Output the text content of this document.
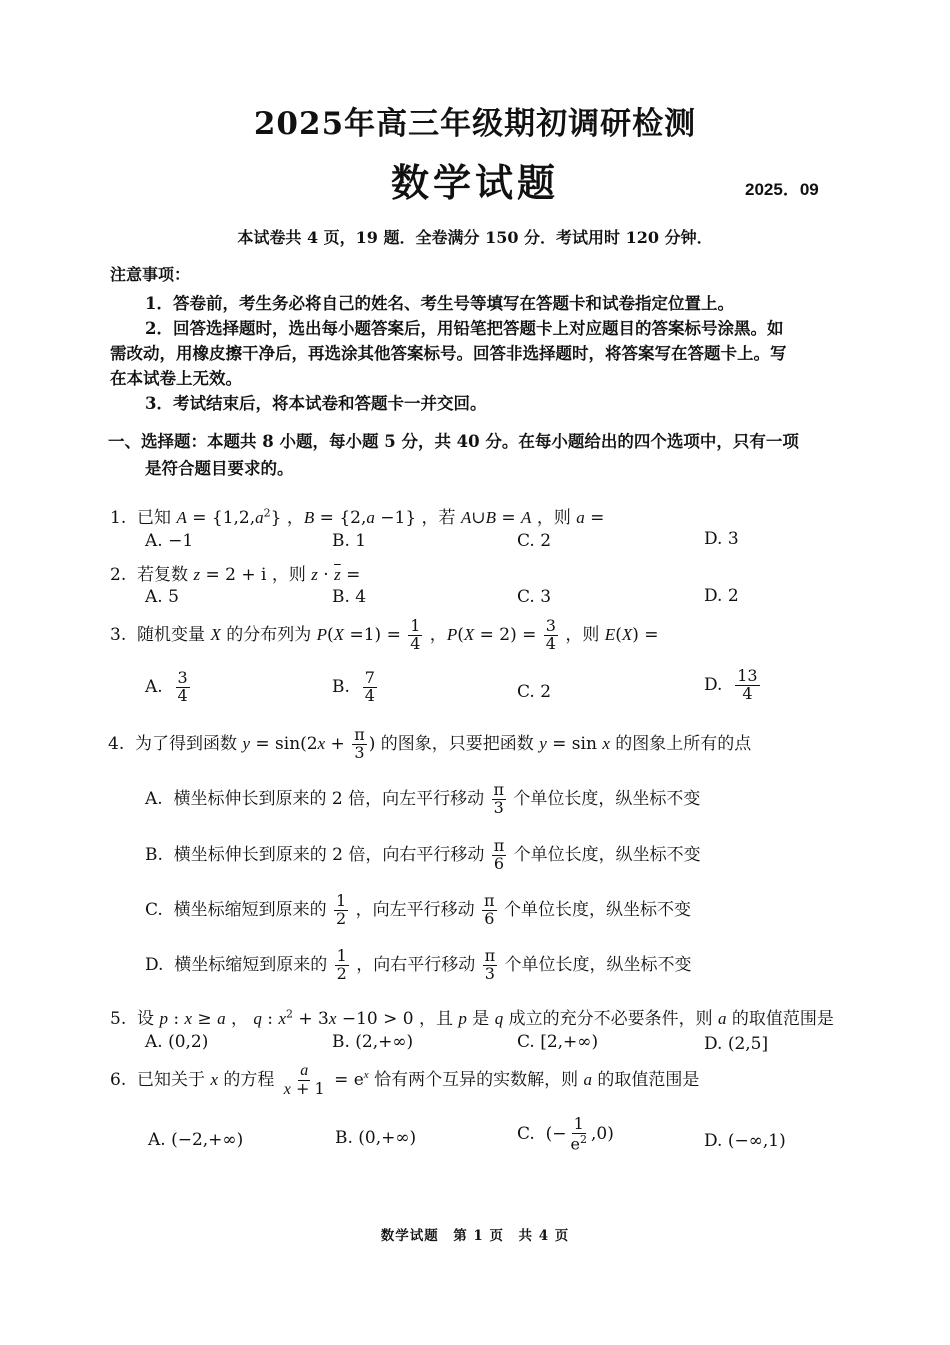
2025年高三年级期初调研检测
数学试题	2025．09
本试卷共 4 页，19 题．全卷满分 150 分．考试用时 120 分钟．
注意事项：
1．答卷前，考生务必将自己的姓名、考生号等填写在答题卡和试卷指定位置上。
2．回答选择题时，选出每小题答案后，用铅笔把答题卡上对应题目的答案标号涂黑。如
需改动，用橡皮擦干净后，再选涂其他答案标号。回答非选择题时，将答案写在答题卡上。写
在本试卷上无效。
3．考试结束后，将本试卷和答题卡一并交回。
一、选择题：本题共 8 小题，每小题 5 分，共 40 分。在每小题给出的四个选项中，只有一项
是符合题目要求的。
1.  已知 $A = \{1,2,a^2\}$ ，B = {2,a −1} ，若 A∪B = A ，则 a =
A. −1	B. 1	C. 2	D. 3
2.  若复数 z = 2 + i ，则 $z \cdot \overline{z}$ =
A. 5	B. 4	C. 3	D. 2
3.  随机变量 X 的分布列为 $P(X =1) = \frac{1}{4}$ ，$P(X = 2) = \frac{3}{4}$ ，则 E(X) =
A. $\frac{3}{4}$	B. $\frac{7}{4}$	C. 2	D. $\frac{13}{4}$
4.  为了得到函数 $y = \sin(2x + \frac{\pi}{3}$ ) 的图象，只要把函数 y = sin x 的图象上所有的点
A.  横坐标伸长到原来的 2 倍，向左平行移动 $\frac{\pi}{3}$ 个单位长度，纵坐标不变
B.  横坐标伸长到原来的 2 倍，向右平行移动 $\frac{\pi}{6}$ 个单位长度，纵坐标不变
C.  横坐标缩短到原来的 $\frac{1}{2}$ ，向左平行移动 $\frac{\pi}{6}$ 个单位长度，纵坐标不变
D.  横坐标缩短到原来的 $\frac{1}{2}$ ，向右平行移动 $\frac{\pi}{3}$ 个单位长度，纵坐标不变
5.  设 p : x ≥ a ， q : $x^2 + 3x -10 > 0$ ，且 p 是 q 成立的充分不必要条件，则 a 的取值范围是
A. (0,2)	B. (2,+∞)	C. [2,+∞)	D. (2,5]
6.  已知关于 x 的方程 $\frac{a}{x + 1} = e^x$ 恰有两个互异的实数解，则 a 的取值范围是
A. (−2,+∞)	B. (0,+∞)	C.  (− $\frac{1}{e^2} ,0$)	D. (−∞,1)
数学试题　第 1 页　共 4 页
